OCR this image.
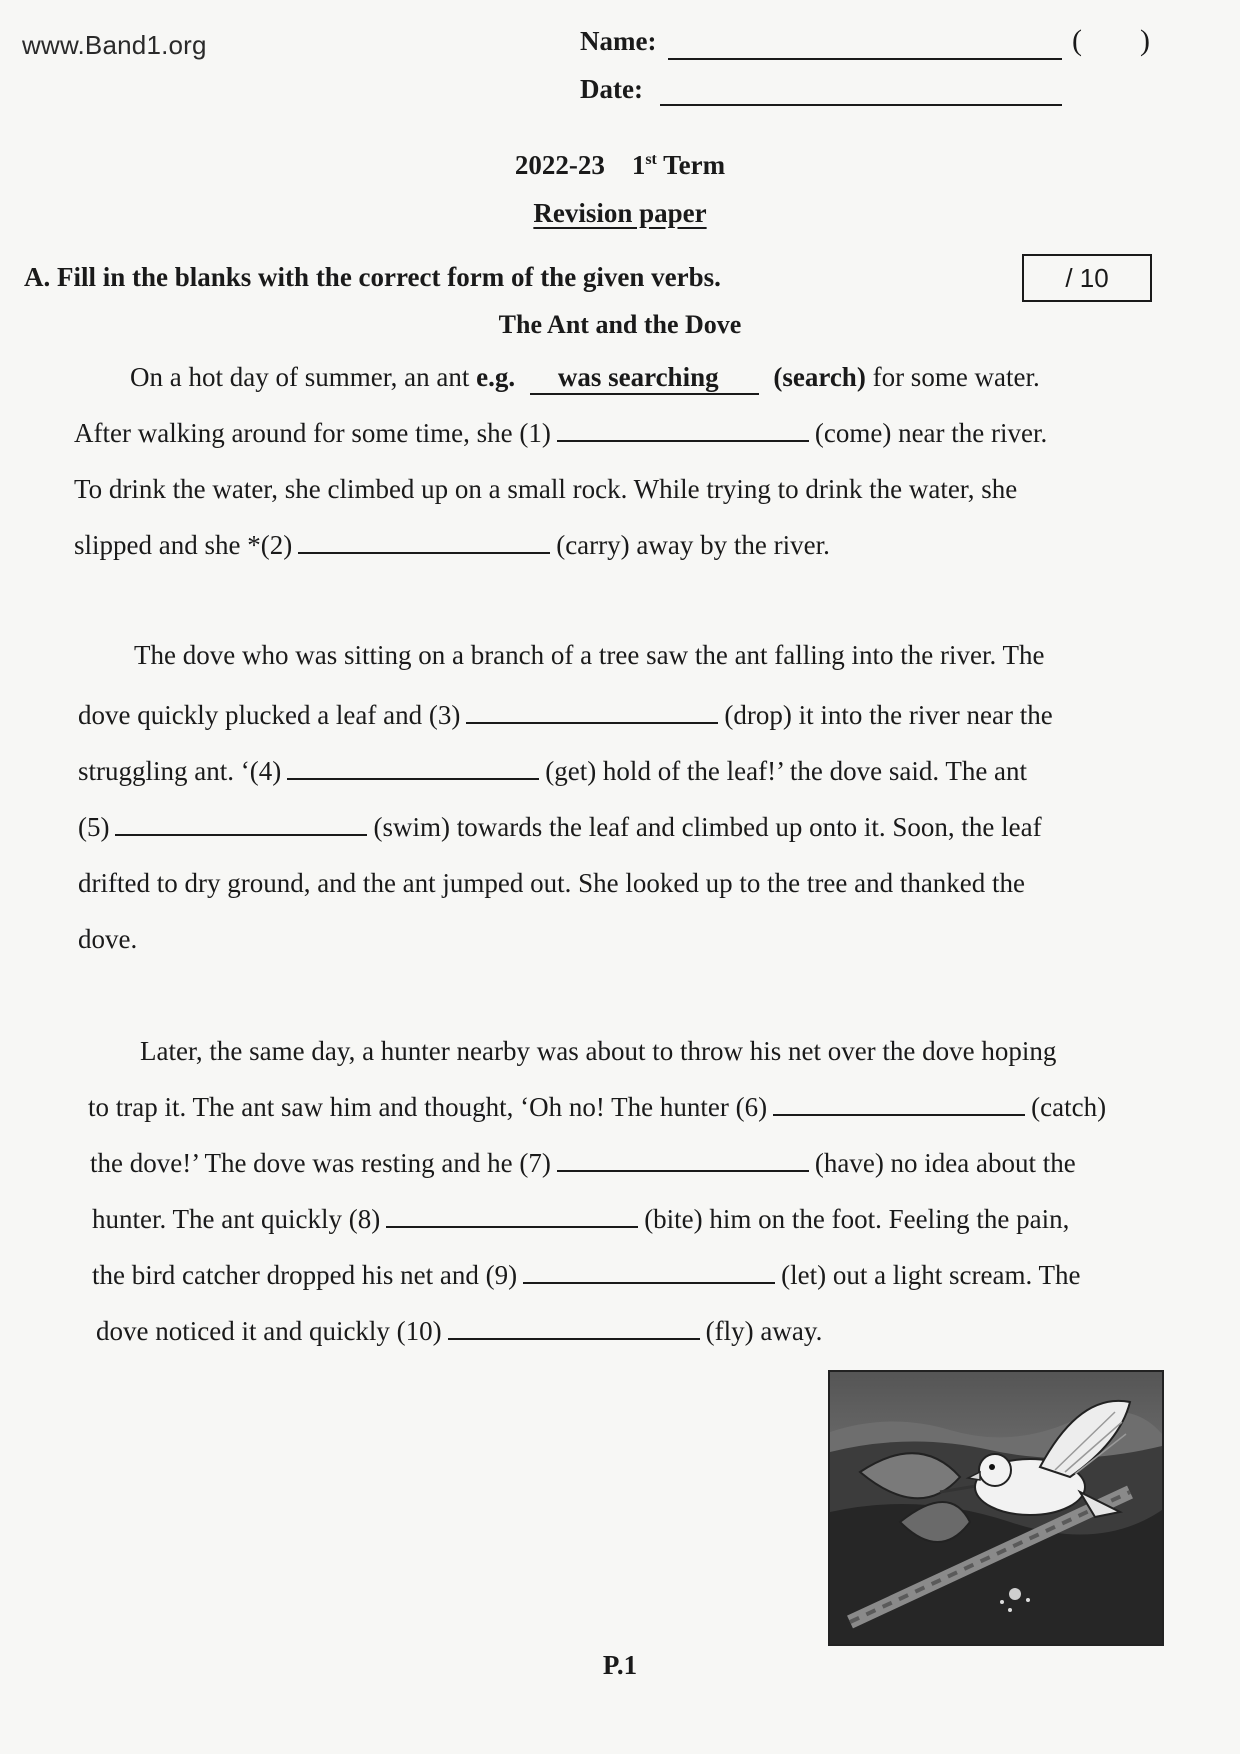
www.Band1.org	Name:	( )
Date:
2022-23 1st Term
Revision paper
A. Fill in the blanks with the correct form of the given verbs.	/ 10
The Ant and the Dove
On a hot day of summer, an ant e.g. was searching (search) for some water.
After walking around for some time, she (1)	(come) near the river.
To drink the water, she climbed up on a small rock. While trying to drink the water, she
slipped and she *(2)	(carry) away by the river.
The dove who was sitting on a branch of a tree saw the ant falling into the river. The
dove quickly plucked a leaf and (3)	(drop) it into the river near the
struggling ant. ‘(4)	(get) hold of the leaf!’ the dove said. The ant
(5)	(swim) towards the leaf and climbed up onto it. Soon, the leaf
drifted to dry ground, and the ant jumped out. She looked up to the tree and thanked the
dove.
Later, the same day, a hunter nearby was about to throw his net over the dove hoping
to trap it. The ant saw him and thought, ‘Oh no! The hunter (6)	(catch)
the dove!’ The dove was resting and he (7)	(have) no idea about the
hunter. The ant quickly (8)	(bite) him on the foot. Feeling the pain,
the bird catcher dropped his net and (9)	(let) out a light scream. The
dove noticed it and quickly (10)	(fly) away.
P.1
